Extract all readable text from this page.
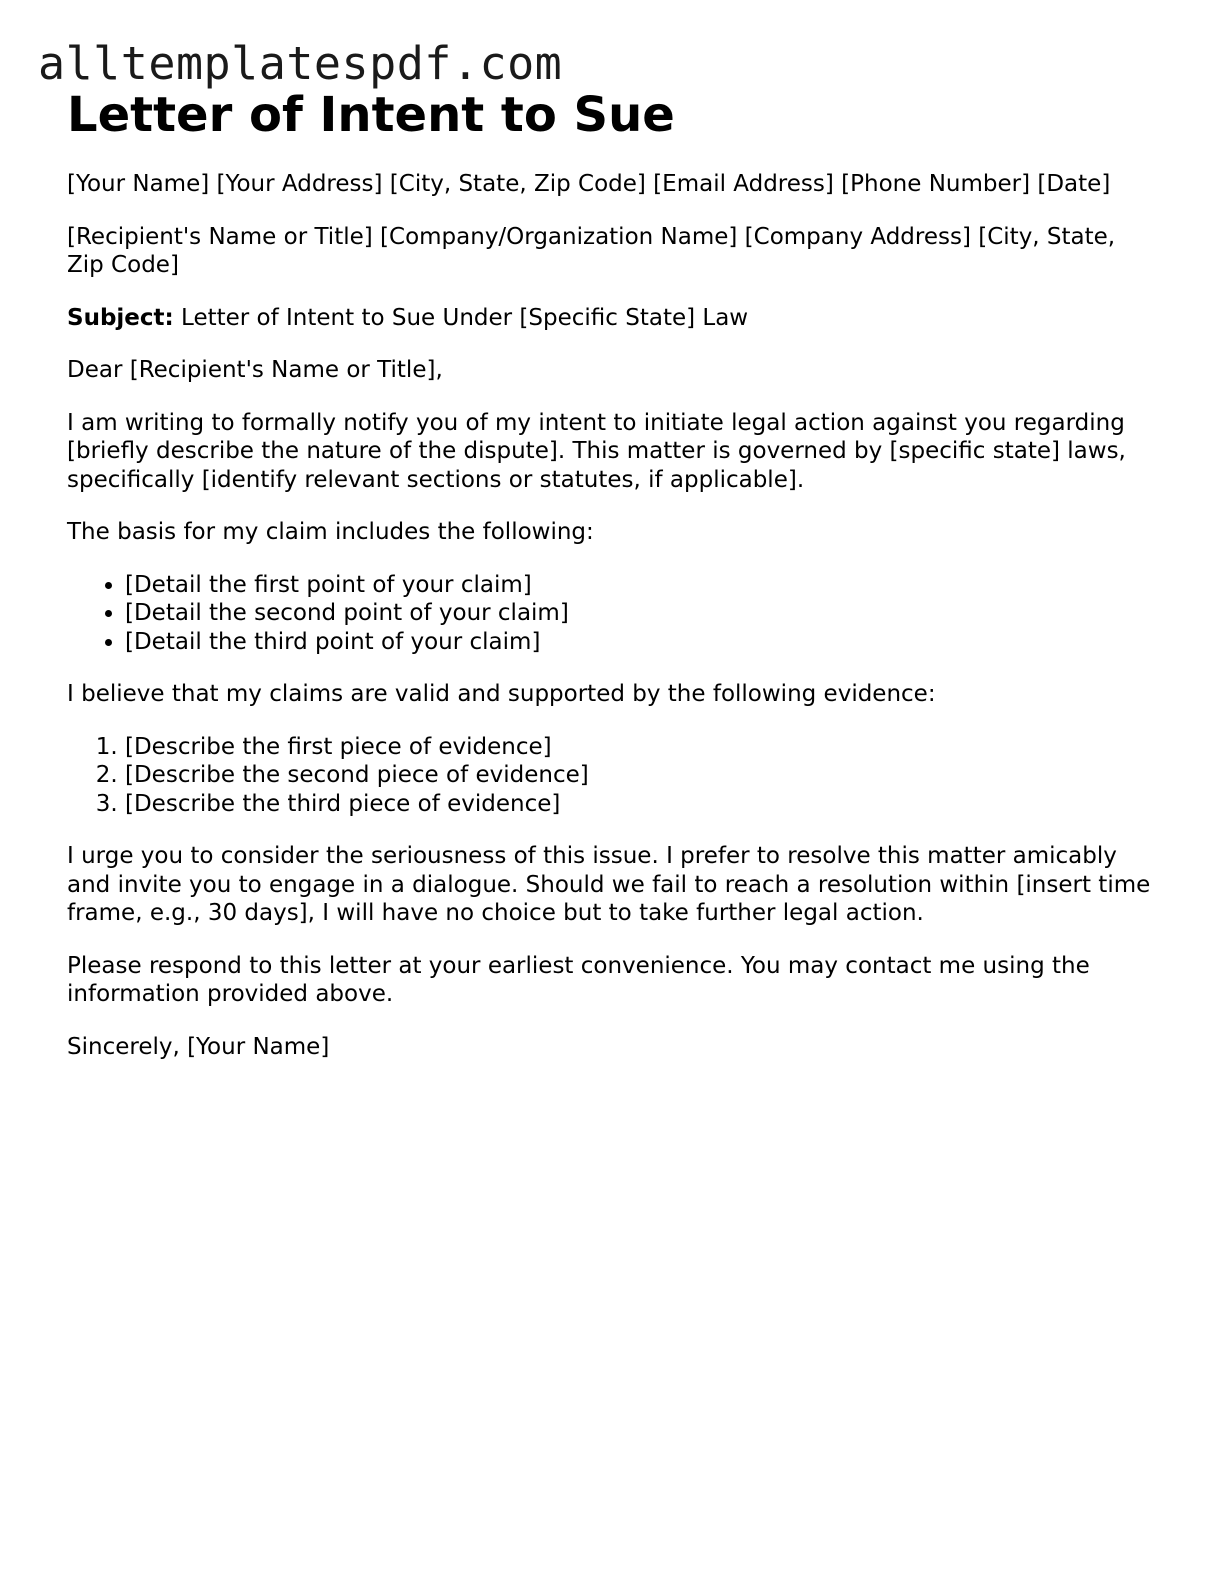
alltemplatespdf.com
Letter of Intent to Sue

[Your Name] [Your Address] [City, State, Zip Code] [Email Address] [Phone Number] [Date]

[Recipient's Name or Title] [Company/Organization Name] [Company Address] [City, State, Zip Code]

Subject: Letter of Intent to Sue Under [Specific State] Law

Dear [Recipient's Name or Title],

I am writing to formally notify you of my intent to initiate legal action against you regarding [briefly describe the nature of the dispute]. This matter is governed by [specific state] laws, specifically [identify relevant sections or statutes, if applicable].

The basis for my claim includes the following:

• [Detail the first point of your claim]
• [Detail the second point of your claim]
• [Detail the third point of your claim]

I believe that my claims are valid and supported by the following evidence:

1. [Describe the first piece of evidence]
2. [Describe the second piece of evidence]
3. [Describe the third piece of evidence]

I urge you to consider the seriousness of this issue. I prefer to resolve this matter amicably and invite you to engage in a dialogue. Should we fail to reach a resolution within [insert time frame, e.g., 30 days], I will have no choice but to take further legal action.

Please respond to this letter at your earliest convenience. You may contact me using the information provided above.

Sincerely, [Your Name]
